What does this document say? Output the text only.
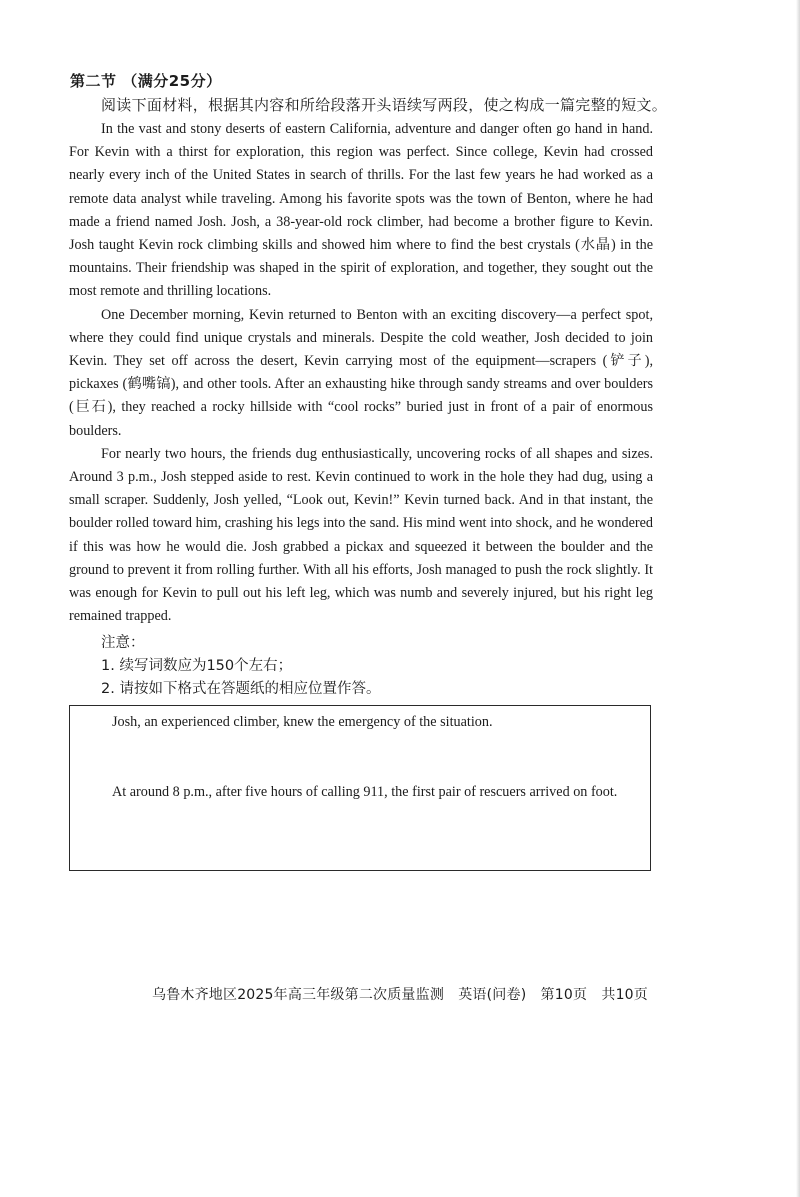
第二节 （满分25分）
阅读下面材料，根据其内容和所给段落开头语续写两段，使之构成一篇完整的短文。

In the vast and stony deserts of eastern California, adventure and danger often go hand in hand. For Kevin with a thirst for exploration, this region was perfect. Since college, Kevin had crossed nearly every inch of the United States in search of thrills. For the last few years he had worked as a remote data analyst while traveling. Among his favorite spots was the town of Benton, where he had made a friend named Josh. Josh, a 38-year-old rock climber, had become a brother figure to Kevin. Josh taught Kevin rock climbing skills and showed him where to find the best crystals (水晶) in the mountains. Their friendship was shaped in the spirit of exploration, and together, they sought out the most remote and thrilling locations.

One December morning, Kevin returned to Benton with an exciting discovery—a perfect spot, where they could find unique crystals and minerals. Despite the cold weather, Josh decided to join Kevin. They set off across the desert, Kevin carrying most of the equipment—scrapers (铲子), pickaxes (鹤嘴镐), and other tools. After an exhausting hike through sandy streams and over boulders (巨石), they reached a rocky hillside with “cool rocks” buried just in front of a pair of enormous boulders.

For nearly two hours, the friends dug enthusiastically, uncovering rocks of all shapes and sizes. Around 3 p.m., Josh stepped aside to rest. Kevin continued to work in the hole they had dug, using a small scraper. Suddenly, Josh yelled, “Look out, Kevin!” Kevin turned back. And in that instant, the boulder rolled toward him, crashing his legs into the sand. His mind went into shock, and he wondered if this was how he would die. Josh grabbed a pickax and squeezed it between the boulder and the ground to prevent it from rolling further. With all his efforts, Josh managed to push the rock slightly. It was enough for Kevin to pull out his left leg, which was numb and severely injured, but his right leg remained trapped.

注意：
1. 续写词数应为150个左右；
2. 请按如下格式在答题纸的相应位置作答。
Josh, an experienced climber, knew the emergency of the situation.
At around 8 p.m., after five hours of calling 911, the first pair of rescuers arrived on foot.
乌鲁木齐地区2025年高三年级第二次质量监测　英语(问卷)　第10页　共10页
